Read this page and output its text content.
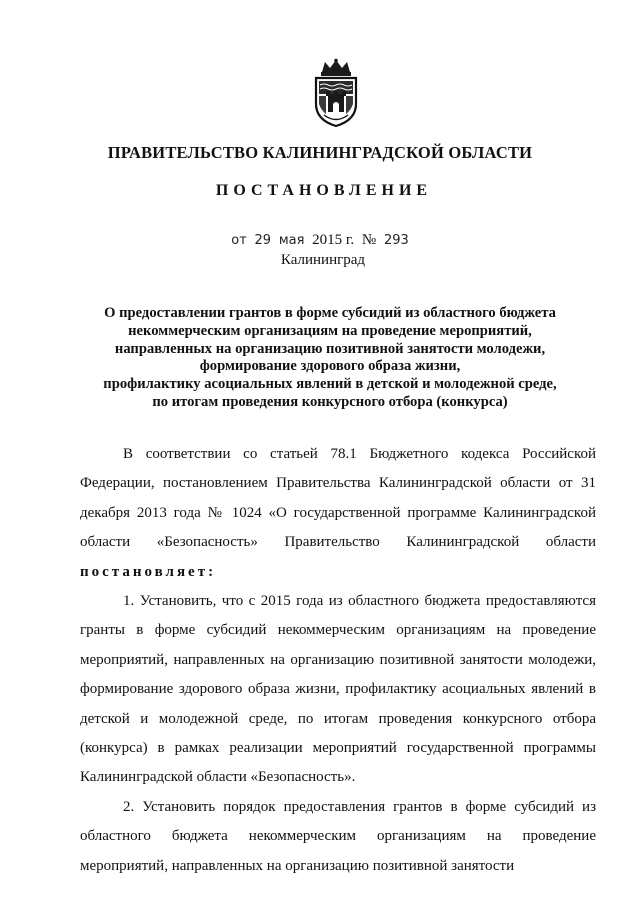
ПРАВИТЕЛЬСТВО КАЛИНИНГРАДСКОЙ ОБЛАСТИ
ПОСТАНОВЛЕНИЕ
от 29 мая 2015 г. № 293
Калининград
О предоставлении грантов в форме субсидий из областного бюджета
некоммерческим организациям на проведение мероприятий,
направленных на организацию позитивной занятости молодежи,
формирование здорового образа жизни,
профилактику асоциальных явлений в детской и молодежной среде,
по итогам проведения конкурсного отбора (конкурса)

В соответствии со статьей 78.1 Бюджетного кодекса Российской Федерации, постановлением Правительства Калининградской области от 31 декабря 2013 года № 1024 «О государственной программе Калининградской области «Безопасность» Правительство Калининградской области постановляет:

1. Установить, что с 2015 года из областного бюджета предоставляются гранты в форме субсидий некоммерческим организациям на проведение мероприятий, направленных на организацию позитивной занятости молодежи, формирование здорового образа жизни, профилактику асоциальных явлений в детской и молодежной среде, по итогам проведения конкурсного отбора (конкурса) в рамках реализации мероприятий государственной программы Калининградской области «Безопасность».

2. Установить порядок предоставления грантов в форме субсидий из областного бюджета некоммерческим организациям на проведение мероприятий, направленных на организацию позитивной занятости
